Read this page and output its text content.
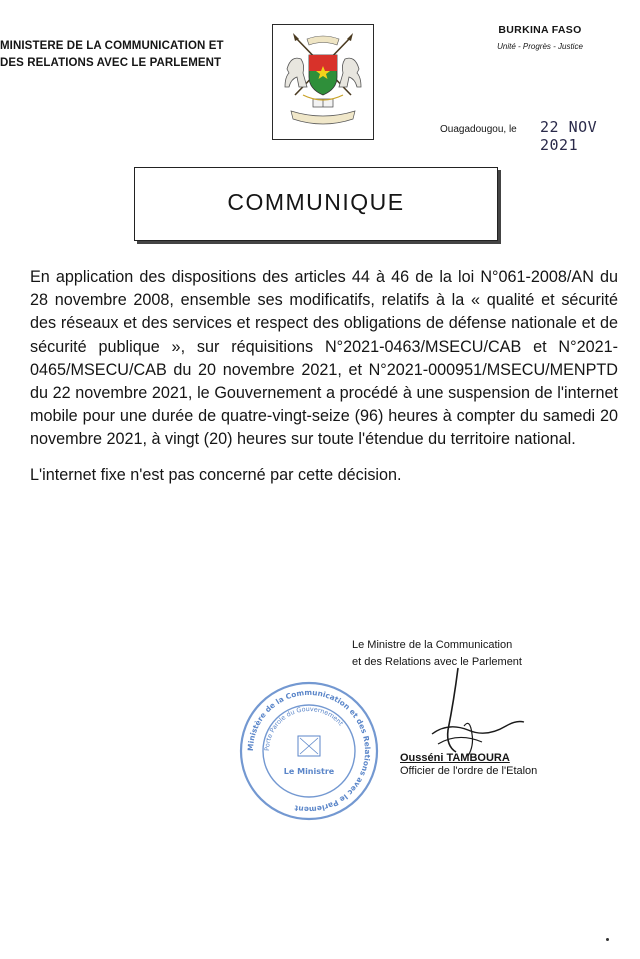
MINISTERE DE LA COMMUNICATION ET
DES RELATIONS AVEC LE PARLEMENT
BURKINA FASO
Unité - Progrès - Justice
Ouagadougou, le 22 NOV 2021
COMMUNIQUE

En application des dispositions des articles 44 à 46 de la loi N°061-2008/AN du 28 novembre 2008, ensemble ses modificatifs, relatifs à la « qualité et sécurité des réseaux et des services et respect des obligations de défense nationale et de sécurité publique », sur réquisitions N°2021-0463/MSECU/CAB et N°2021-0465/MSECU/CAB du 20 novembre 2021, et N°2021-000951/MSECU/MENPTD du 22 novembre 2021, le Gouvernement a procédé à une suspension de l'internet mobile pour une durée de quatre-vingt-seize (96) heures à compter du samedi 20 novembre 2021, à vingt (20) heures sur toute l'étendue du territoire national.

L'internet fixe n'est pas concerné par cette décision.

Le Ministre de la Communication
et des Relations avec le Parlement
Ministère de la Communication et des Relations avec le Parlement
Porte Parole du Gouvernement
Le Ministre
Ousséni TAMBOURA
Officier de l'ordre de l'Etalon
